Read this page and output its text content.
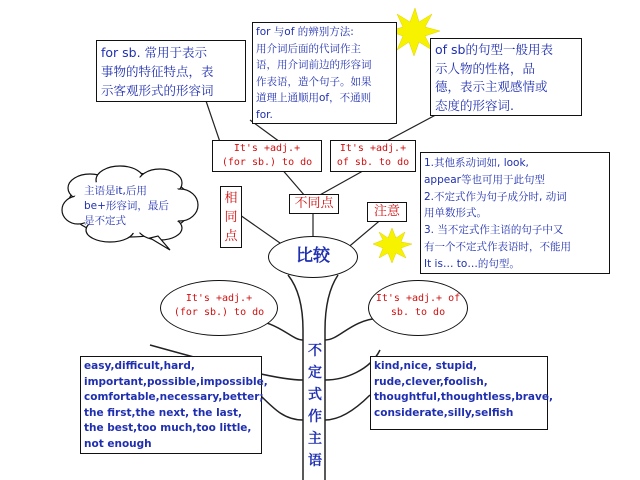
for sb. 常用于表示
事物的特征特点，表
示客观形式的形容词
for 与of 的辨别方法:
用介词后面的代词作主
语，用介词前边的形容词
作表语，造个句子。如果
道理上通顺用of，不通则
for.
of sb的句型一般用表
示人物的性格，品
德，表示主观感情或
态度的形容词.
It's +adj.+
(for sb.) to do
It's +adj.+
of sb. to do	1.其他系动词如, look,
appear等也可用于此句型
2.不定式作为句子成分时, 动词
用单数形式。
3. 当不定式作主语的句子中又
有一个不定式作表语时，不能用
It is… to…的句型。
主语是it,后用
be+形容词，最后
是不定式
相
同
点
不同点
注意
比较
It's +adj.+
(for sb.) to do
It's +adj.+ of
sb. to do
不
定
式
作
主
语
easy,difficult,hard,
important,possible,impossible,
comfortable,necessary,better;
the first,the next, the last,
the best,too much,too little,
not enough
kind,nice, stupid,
rude,clever,foolish,
thoughtful,thoughtless,brave,
considerate,silly,selfish
